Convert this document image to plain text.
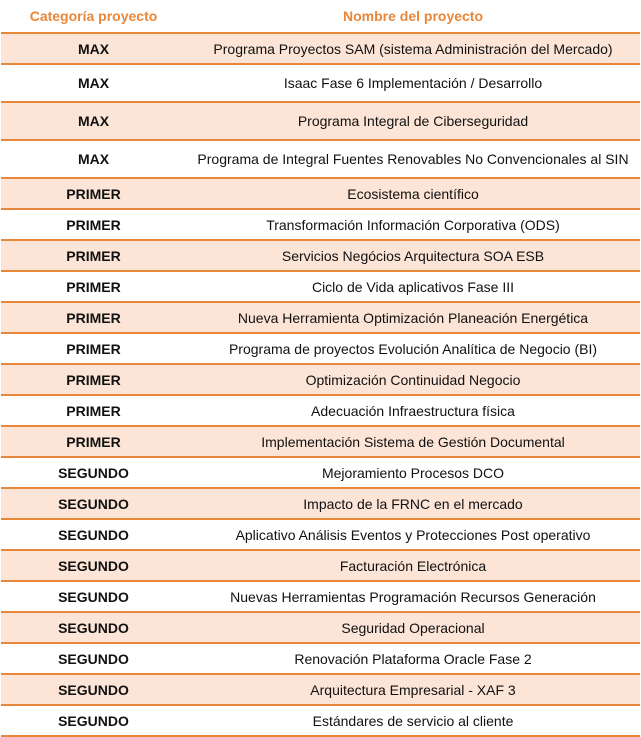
Categoría proyecto	Nombre del proyecto
MAX	Programa Proyectos SAM (sistema Administración del Mercado)
MAX	Isaac Fase 6 Implementación / Desarrollo
MAX	Programa Integral de Ciberseguridad
MAX	Programa de Integral Fuentes Renovables No Convencionales al SIN
PRIMER	Ecosistema científico
PRIMER	Transformación Información Corporativa (ODS)
PRIMER	Servicios Negócios Arquitectura SOA ESB
PRIMER	Ciclo de Vida aplicativos Fase III
PRIMER	Nueva Herramienta Optimización Planeación Energética
PRIMER	Programa de proyectos Evolución Analítica de Negocio (BI)
PRIMER	Optimización Continuidad Negocio
PRIMER	Adecuación Infraestructura física
PRIMER	Implementación Sistema de Gestión Documental
SEGUNDO	Mejoramiento Procesos DCO
SEGUNDO	Impacto de la FRNC en el mercado
SEGUNDO	Aplicativo Análisis Eventos y Protecciones Post operativo
SEGUNDO	Facturación Electrónica
SEGUNDO	Nuevas Herramientas Programación Recursos Generación
SEGUNDO	Seguridad Operacional
SEGUNDO	Renovación Plataforma Oracle Fase 2
SEGUNDO	Arquitectura Empresarial - XAF 3
SEGUNDO	Estándares de servicio al cliente
